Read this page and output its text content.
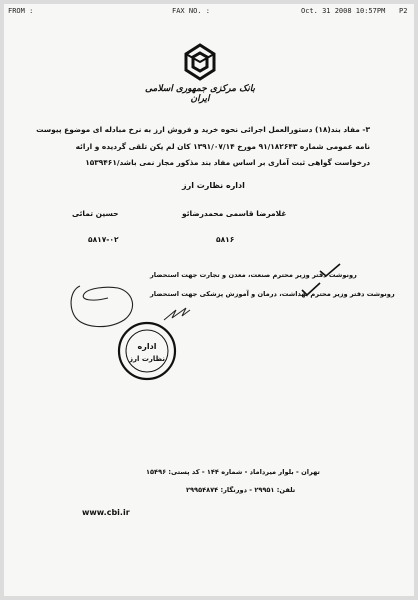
FROM :	FAX NO. :	Oct. 31 2008 10:57PM P2
بانک مرکزی جمهوری اسلامی ایران

۳- مفاد بند(۱۸) دستورالعمل اجرائی نحوه خرید و فروش ارز به نرخ مبادله ای موضوع پیوست

نامه عمومی شماره ۹۱/۱۸۲۶۴۳ مورخ ۱۳۹۱/۰۷/۱۴ کان لم یکن تلقی گردیده و ارائه

درخواست گواهی ثبت آماری بر اساس مفاد بند مذکور مجاز نمی باشد/۱۵۳۹۴۶۱

اداره نظارت ارز
غلامرضا قاسمی محمدرضائو
حسین تمائی
۵۸۱۶
۵۸۱۷-۰۲
رونوشت دفتر وزیر محترم صنعت، معدن و تجارت جهت استحضار
رونوشت دفتر وزیر محترم بهداشت، درمان و آموزش پزشکی جهت استحضار
اداره
نظارت ارز
تهران - بلوار میرداماد - شماره ۱۴۴ - کد پستی: ۱۵۴۹۶
تلفن: ۲۹۹۵۱ - دورنگار: ۲۹۹۵۴۸۷۴
www.cbi.ir
